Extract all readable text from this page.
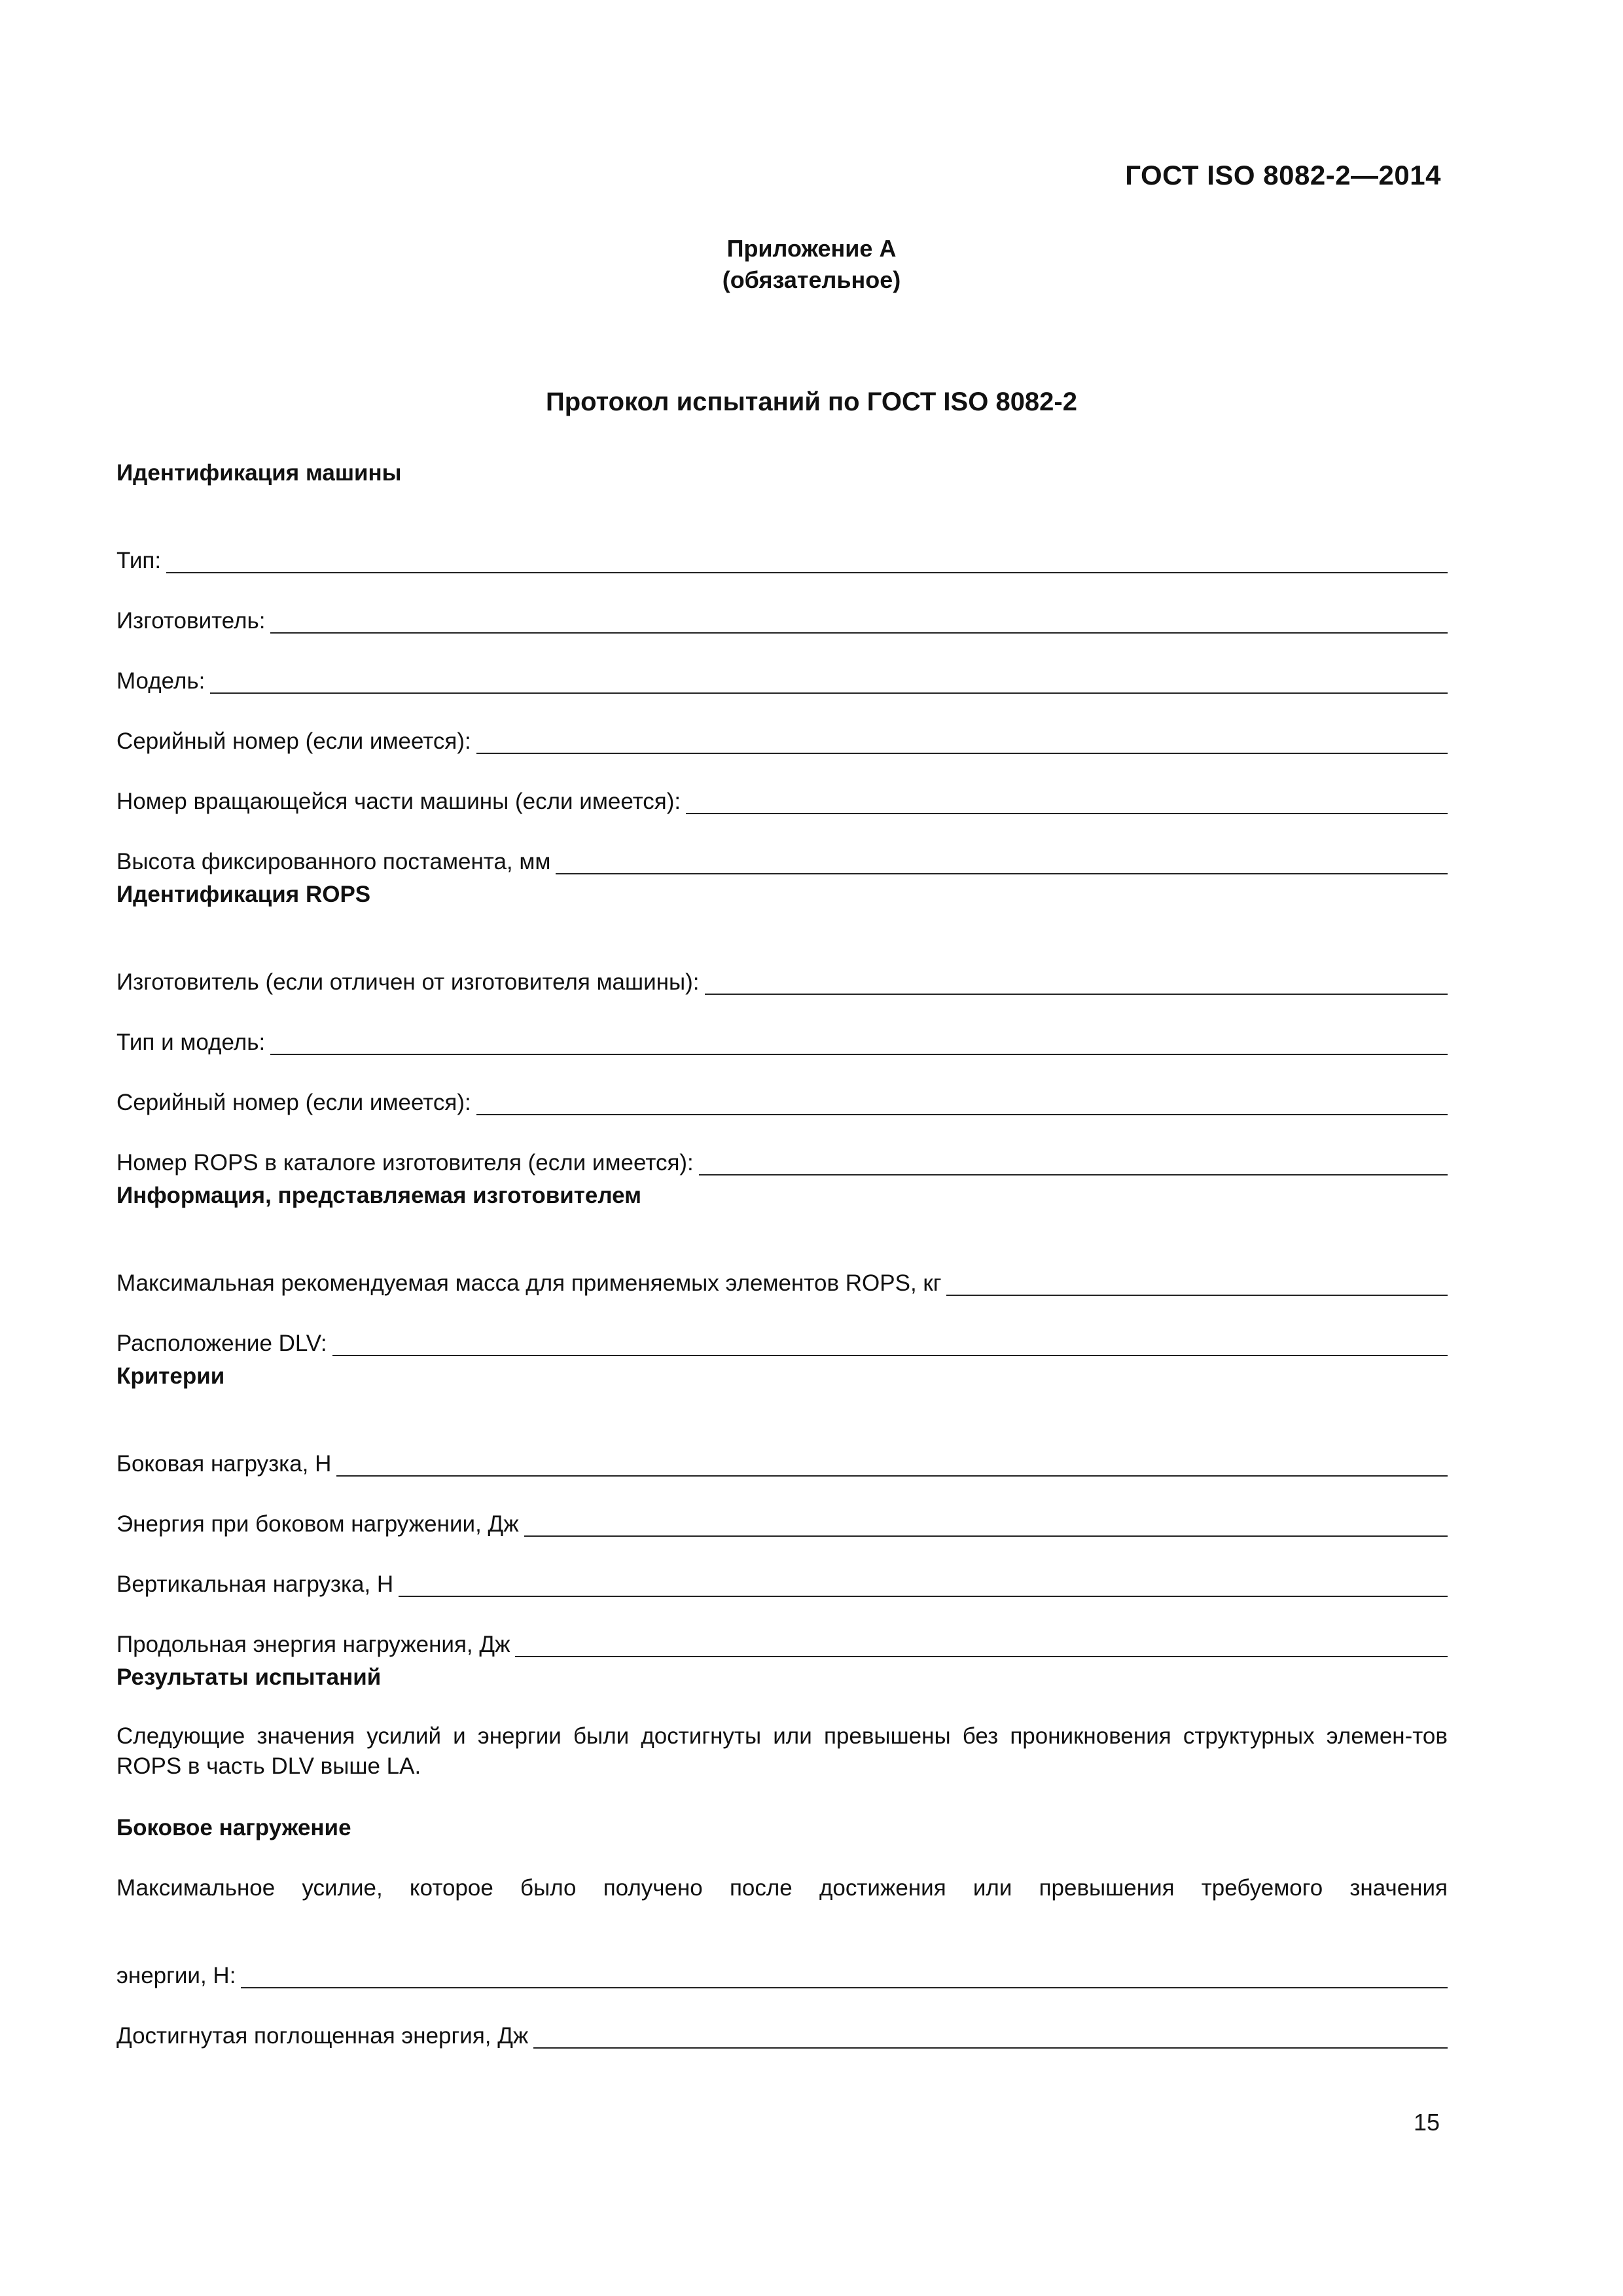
ГОСТ ISO 8082-2—2014
Приложение А
(обязательное)
Протокол испытаний по ГОСТ ISO 8082-2
Идентификация машины
Тип:
Изготовитель:
Модель:
Серийный номер (если имеется):
Номер вращающейся части машины (если имеется):
Высота фиксированного постамента, мм
Идентификация ROPS
Изготовитель (если отличен от изготовителя машины):
Тип и модель:
Серийный номер (если имеется):
Номер ROPS в каталоге изготовителя (если имеется):
Информация, представляемая изготовителем
Максимальная рекомендуемая масса для применяемых элементов ROPS, кг
Расположение DLV:
Критерии
Боковая нагрузка, Н
Энергия при боковом нагружении, Дж
Вертикальная нагрузка, Н
Продольная энергия нагружения, Дж
Результаты испытаний
Следующие значения усилий и энергии были достигнуты или превышены без проникновения структурных элемен-тов ROPS в часть DLV выше LA.
Боковое нагружение
Максимальное усилие, которое было получено после достижения или превышения требуемого значения
энергии, Н:
Достигнутая поглощенная энергия, Дж
15
